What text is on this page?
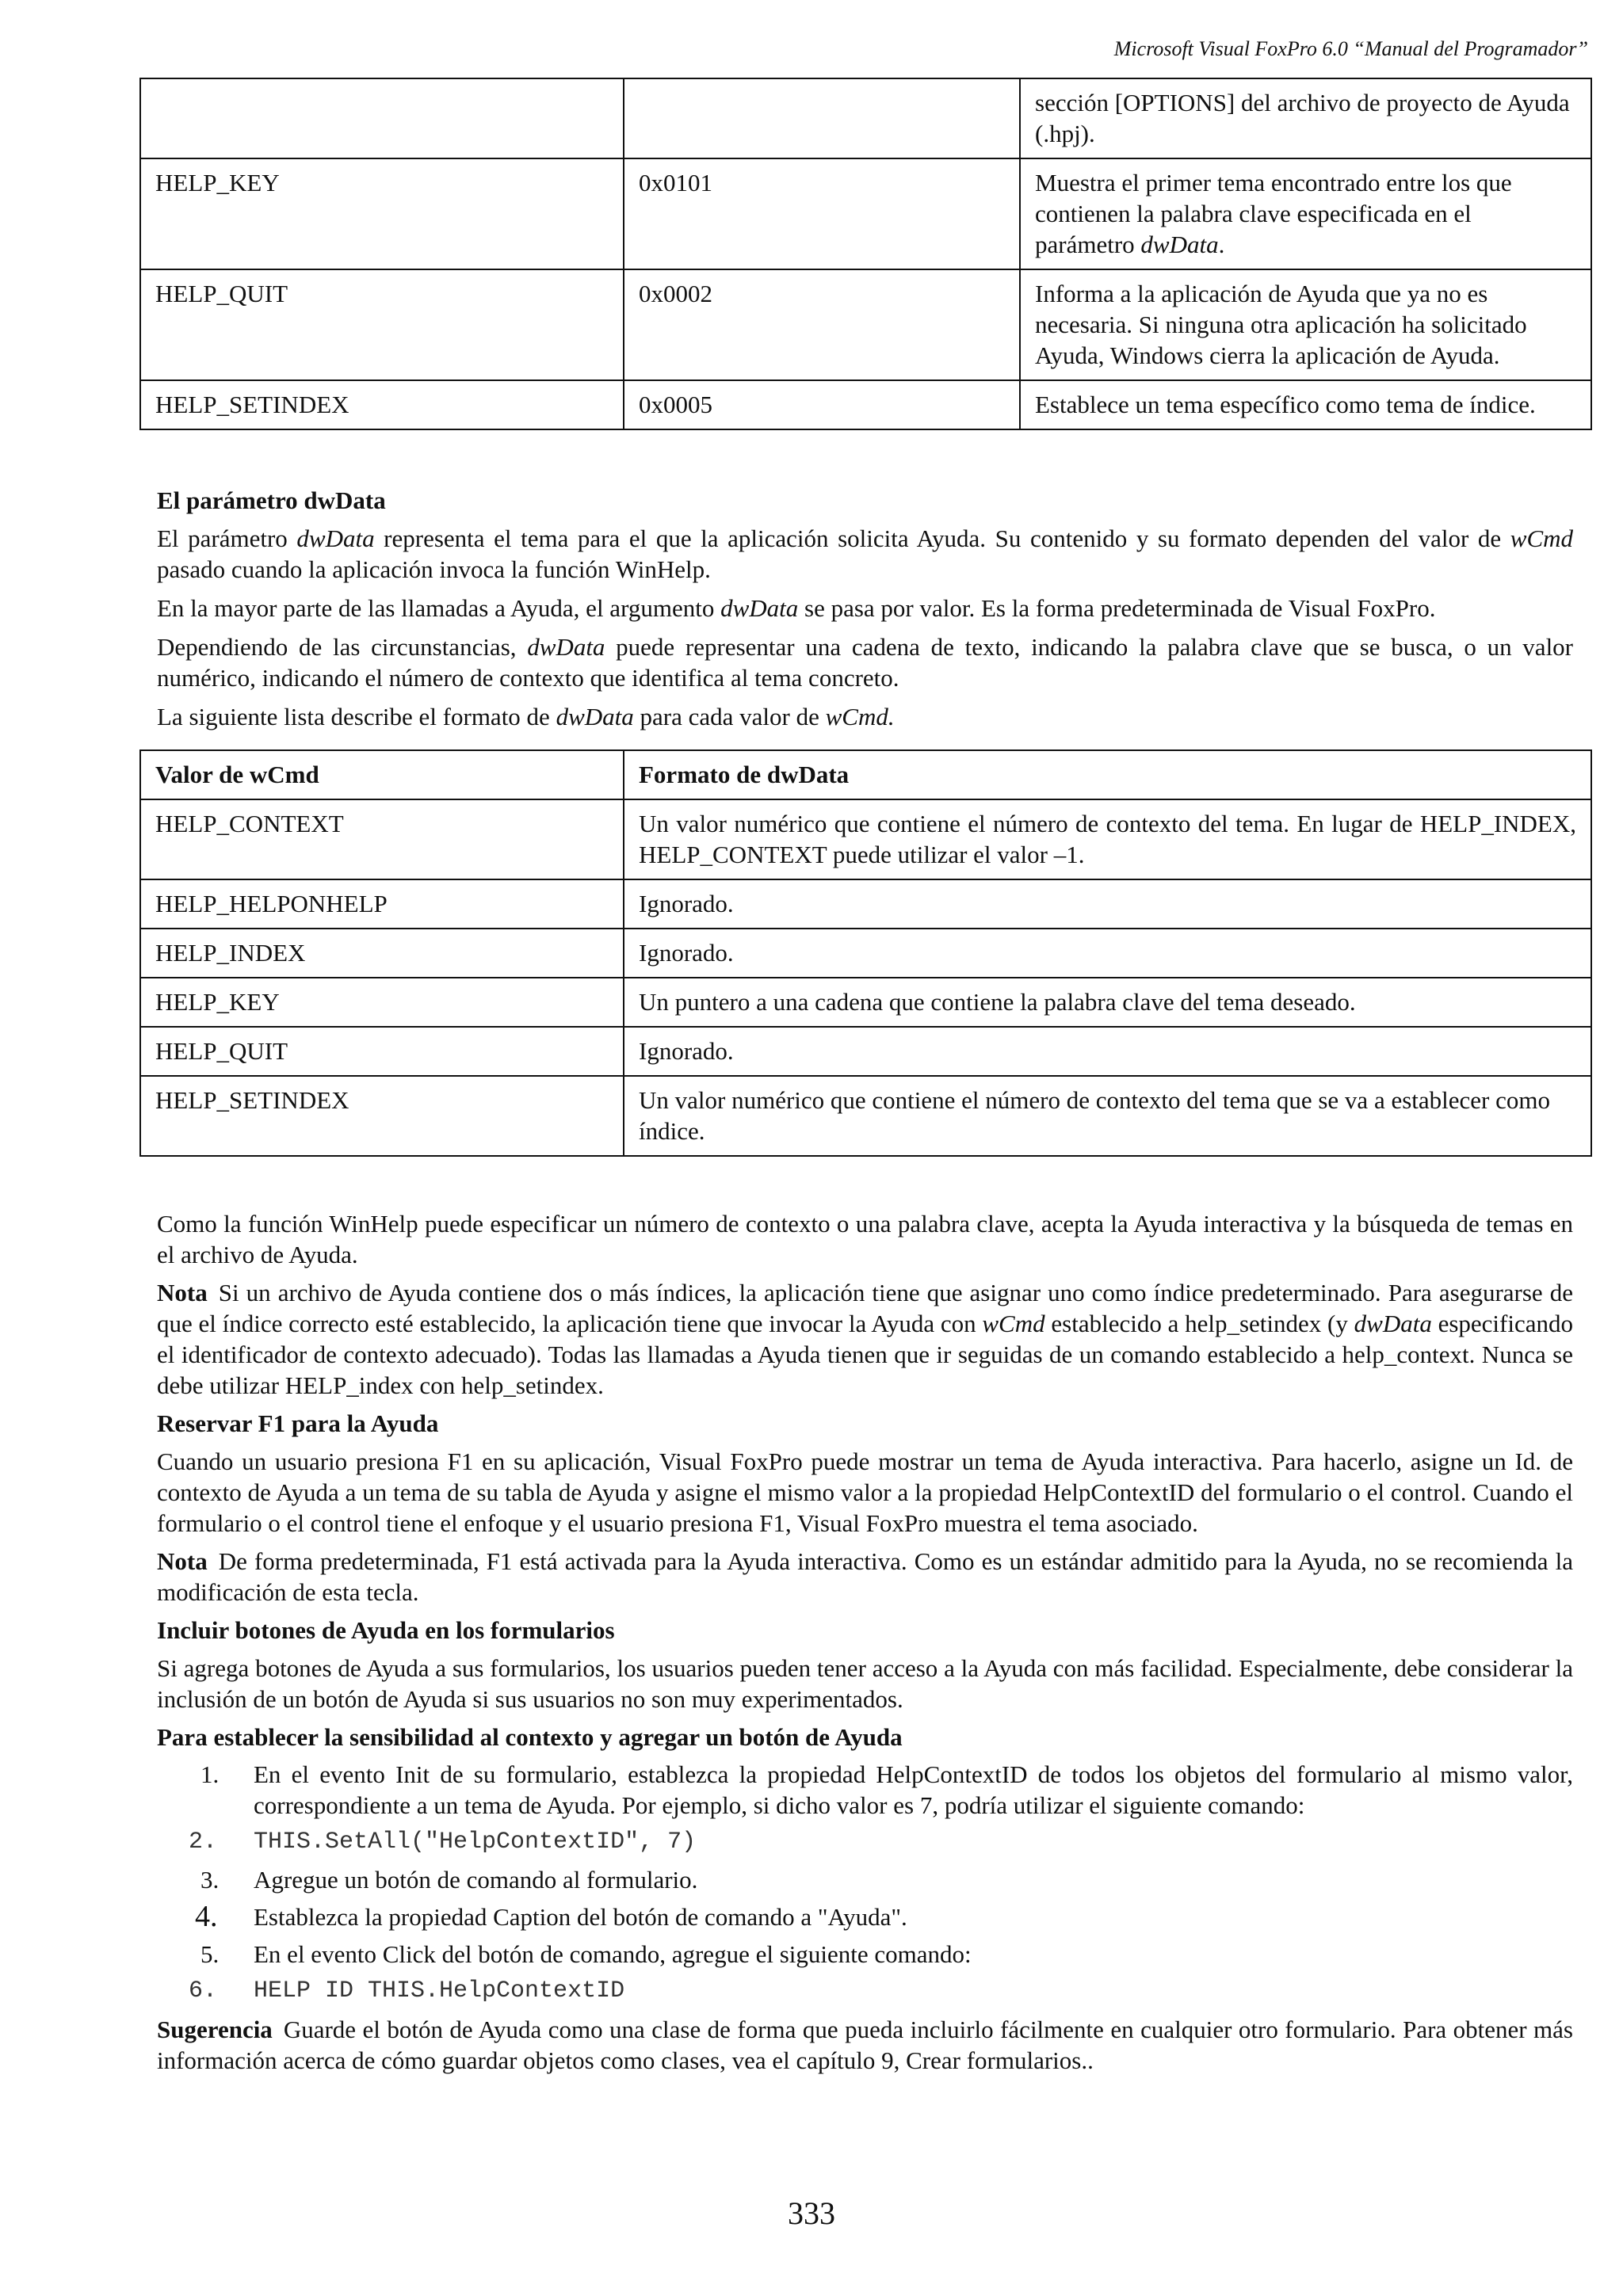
Microsoft Visual FoxPro 6.0 “Manual del Programador”
		sección [OPTIONS] del archivo de proyecto de Ayuda (.hpj).
HELP_KEY	0x0101	Muestra el primer tema encontrado entre los que contienen la palabra clave especificada en el parámetro dwData.
HELP_QUIT	0x0002	Informa a la aplicación de Ayuda que ya no es necesaria. Si ninguna otra aplicación ha solicitado Ayuda, Windows cierra la aplicación de Ayuda.
HELP_SETINDEX	0x0005	Establece un tema específico como tema de índice.

El parámetro dwData

El parámetro dwData representa el tema para el que la aplicación solicita Ayuda. Su contenido y su formato dependen del valor de wCmd pasado cuando la aplicación invoca la función WinHelp.

En la mayor parte de las llamadas a Ayuda, el argumento dwData se pasa por valor. Es la forma predeterminada de Visual FoxPro.

Dependiendo de las circunstancias, dwData puede representar una cadena de texto, indicando la palabra clave que se busca, o un valor numérico, indicando el número de contexto que identifica al tema concreto.

La siguiente lista describe el formato de dwData para cada valor de wCmd.

Valor de wCmd	Formato de dwData
HELP_CONTEXT	Un valor numérico que contiene el número de contexto del tema. En lugar de HELP_INDEX, HELP_CONTEXT puede utilizar el valor –1.
HELP_HELPONHELP	Ignorado.
HELP_INDEX	Ignorado.
HELP_KEY	Un puntero a una cadena que contiene la palabra clave del tema deseado.
HELP_QUIT	Ignorado.
HELP_SETINDEX	Un valor numérico que contiene el número de contexto del tema que se va a establecer como índice.

Como la función WinHelp puede especificar un número de contexto o una palabra clave, acepta la Ayuda interactiva y la búsqueda de temas en el archivo de Ayuda.

Nota Si un archivo de Ayuda contiene dos o más índices, la aplicación tiene que asignar uno como índice predeterminado. Para asegurarse de que el índice correcto esté establecido, la aplicación tiene que invocar la Ayuda con wCmd establecido a help_setindex (y dwData especificando el identificador de contexto adecuado). Todas las llamadas a Ayuda tienen que ir seguidas de un comando establecido a help_context. Nunca se debe utilizar HELP_index con help_setindex.

Reservar F1 para la Ayuda

Cuando un usuario presiona F1 en su aplicación, Visual FoxPro puede mostrar un tema de Ayuda interactiva. Para hacerlo, asigne un Id. de contexto de Ayuda a un tema de su tabla de Ayuda y asigne el mismo valor a la propiedad HelpContextID del formulario o el control. Cuando el formulario o el control tiene el enfoque y el usuario presiona F1, Visual FoxPro muestra el tema asociado.

Nota De forma predeterminada, F1 está activada para la Ayuda interactiva. Como es un estándar admitido para la Ayuda, no se recomienda la modificación de esta tecla.

Incluir botones de Ayuda en los formularios

Si agrega botones de Ayuda a sus formularios, los usuarios pueden tener acceso a la Ayuda con más facilidad. Especialmente, debe considerar la inclusión de un botón de Ayuda si sus usuarios no son muy experimentados.

Para establecer la sensibilidad al contexto y agregar un botón de Ayuda

1.	En el evento Init de su formulario, establezca la propiedad HelpContextID de todos los objetos del formulario al mismo valor, correspondiente a un tema de Ayuda. Por ejemplo, si dicho valor es 7, podría utilizar el siguiente comando:
2. THIS.SetAll("HelpContextID", 7)
3.	Agregue un botón de comando al formulario.
4.	Establezca la propiedad Caption del botón de comando a "Ayuda".
5.	En el evento Click del botón de comando, agregue el siguiente comando:
6. HELP ID THIS.HelpContextID

Sugerencia Guarde el botón de Ayuda como una clase de forma que pueda incluirlo fácilmente en cualquier otro formulario. Para obtener más información acerca de cómo guardar objetos como clases, vea el capítulo 9, Crear formularios..

333
